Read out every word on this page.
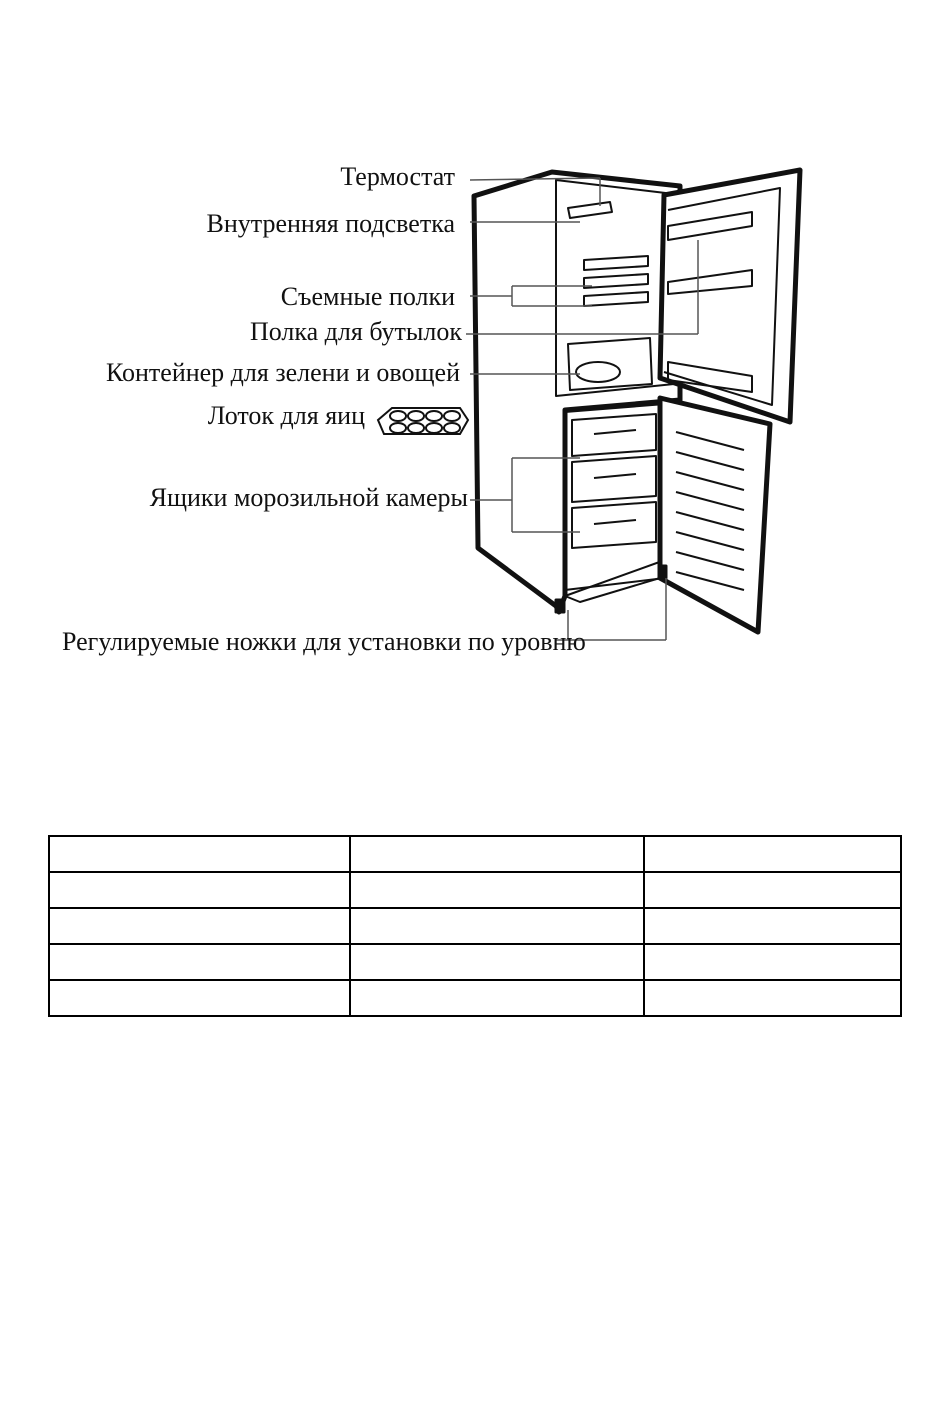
Термостат
Внутренняя подсветка
Съемные полки
Полка для бутылок
Контейнер для зелени и овощей
Лоток для яиц
Ящики морозильной камеры
Регулируемые ножки для установки по уровню
